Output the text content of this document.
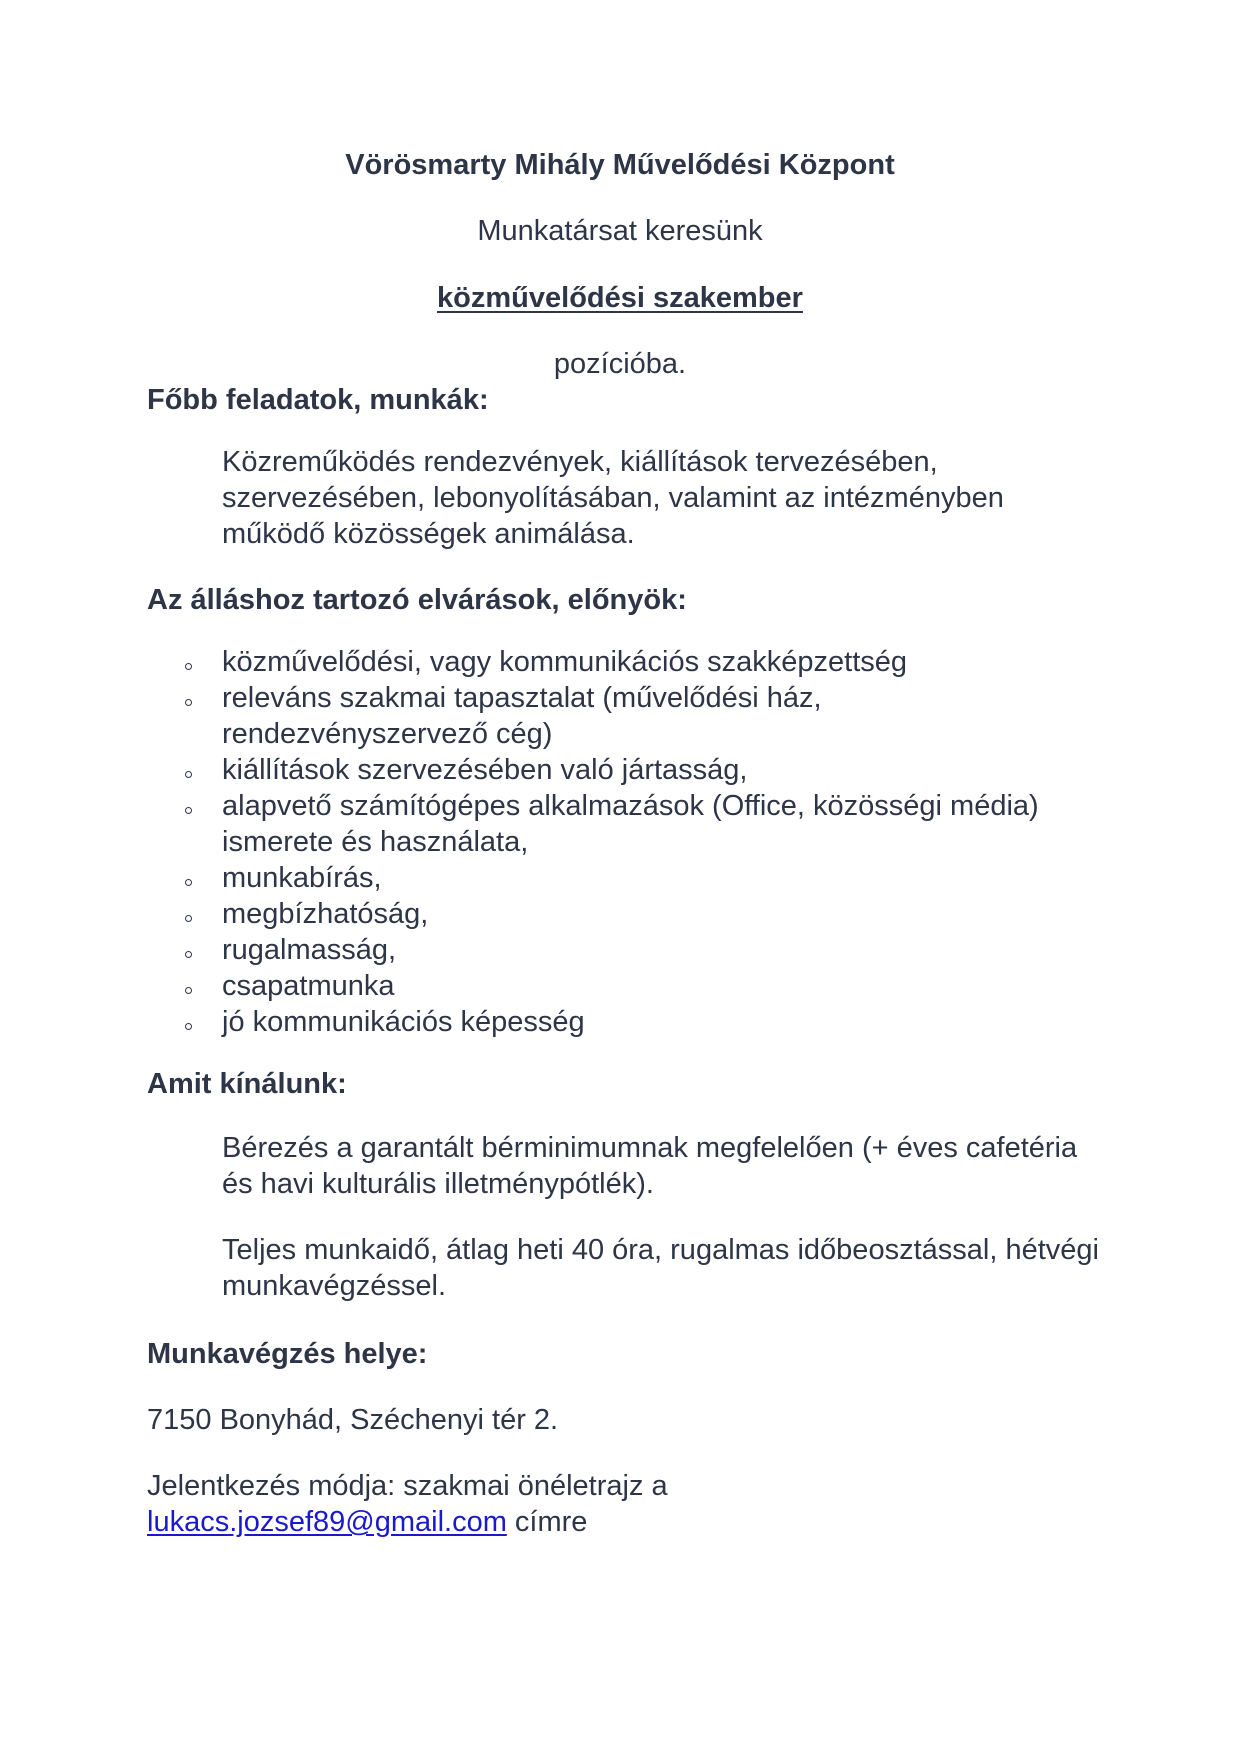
Vörösmarty Mihály Művelődési Központ
Munkatársat keresünk
közművelődési szakember
pozícióba.
Főbb feladatok, munkák:

Közreműködés rendezvények, kiállítások tervezésében, szervezésében, lebonyolításában, valamint az intézményben működő közösségek animálása.

Az álláshoz tartozó elvárások, előnyök:
közművelődési, vagy kommunikációs szakképzettség
releváns szakmai tapasztalat (művelődési ház, rendezvényszervező cég)
kiállítások szervezésében való jártasság,
alapvető számítógépes alkalmazások (Office, közösségi média) ismerete és használata,
munkabírás,
megbízhatóság,
rugalmasság,
csapatmunka
jó kommunikációs képesség
Amit kínálunk:

Bérezés a garantált bérminimumnak megfelelően (+ éves cafetéria és havi kulturális illetménypótlék).

Teljes munkaidő, átlag heti 40 óra, rugalmas időbeosztással, hétvégi munkavégzéssel.

Munkavégzés helye:

7150 Bonyhád, Széchenyi tér 2.

Jelentkezés módja: szakmai önéletrajz a lukacs.jozsef89@gmail.com címre
